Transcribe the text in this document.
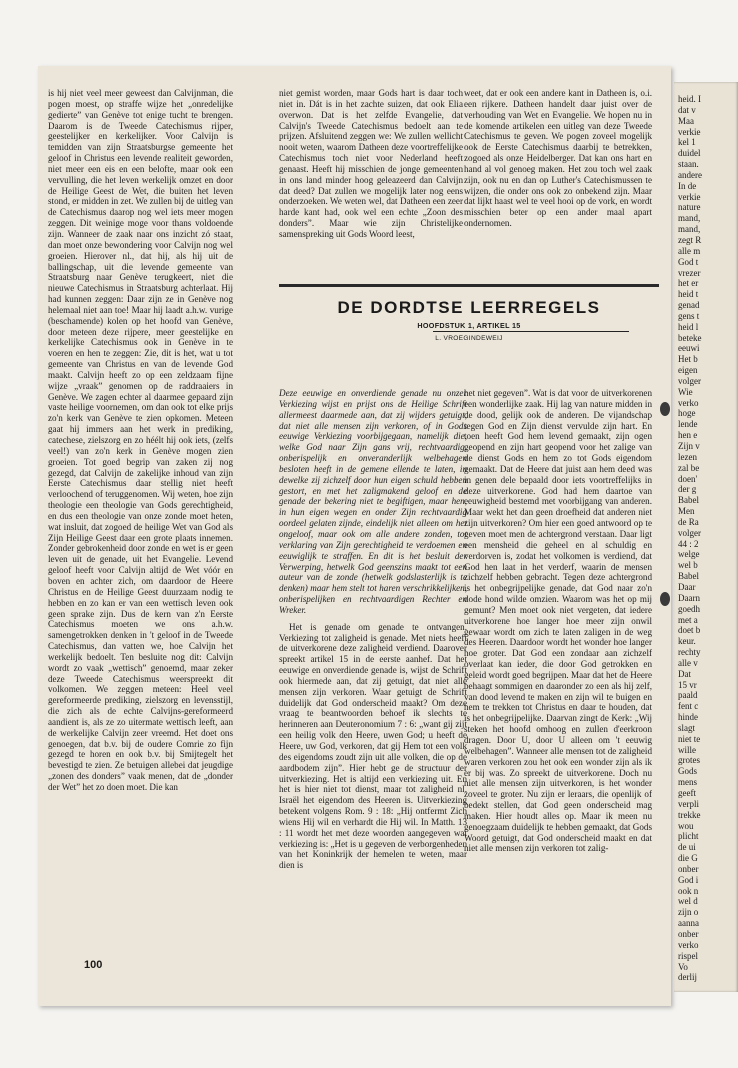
is hij niet veel meer geweest dan Calvijnman, die pogen moest, op straffe wijze het „onredelijke gedierte” van Genève tot enige tucht te brengen. Daarom is de Tweede Catechismus rijper, geestelijker en kerkelijker. Voor Calvijn is temidden van zijn Straatsburgse gemeente het geloof in Christus een levende realiteit geworden, niet meer een eis en een belofte, maar ook een vervulling, die het leven werkelijk omzet en door de Heilige Geest de Wet, die buiten het leven stond, er midden in zet. We zullen bij de uitleg van de Catechismus daarop nog wel iets meer mogen zeggen. Dit weinige moge voor thans voldoende zijn. Wanneer de zaak naar ons inzicht zó staat, dan moet onze bewondering voor Calvijn nog wel groeien. Hierover nl., dat hij, als hij uit de ballingschap, uit die levende gemeente van Straatsburg naar Genève terugkeert, niet die nieuwe Catechismus in Straatsburg achterlaat. Hij had kunnen zeggen: Daar zijn ze in Genève nog helemaal niet aan toe! Maar hij laadt a.h.w. vurige (beschamende) kolen op het hoofd van Genève, door meteen deze rijpere, meer geestelijke en kerkelijke Catechismus ook in Genève in te voeren en hen te zeggen: Zie, dit is het, wat u tot gemeente van Christus en van de levende God maakt. Calvijn heeft zo op een zeldzaam fijne wijze „vraak” genomen op de raddraaiers in Genève. We zagen echter al daarmee gepaard zijn vaste heilige voornemen, om dan ook tot elke prijs zo'n kerk van Genève te zien opkomen. Meteen gaat hij immers aan het werk in prediking, catechese, zielszorg en zo héélt hij ook iets, (zelfs veel!) van zo'n kerk in Genève mogen zien groeien. Tot goed begrip van zaken zij nog gezegd, dat Calvijn de zakelijke inhoud van zijn Eerste Catechismus daar stellig niet heeft verloochend of teruggenomen. Wij weten, hoe zijn theologie een theologie van Gods gerechtigheid, en dus een theologie van onze zonde moet heten, wat insluit, dat zogoed de heilige Wet van God als Zijn Heilige Geest daar een grote plaats innemen. Zonder gebrokenheid door zonde en wet is er geen leven uit de genade, uit het Evangelie. Levend geloof heeft voor Calvijn altijd de Wet vóór en boven en achter zich, om daardoor de Heere Christus en de Heilige Geest duurzaam nodig te hebben en zo kan er van een wettisch leven ook geen sprake zijn. Dus de kern van z'n Eerste Catechismus moeten we ons a.h.w. samengetrokken denken in 't geloof in de Tweede Catechismus, dan vatten we, hoe Calvijn het werkelijk bedoelt. Ten besluite nog dit: Calvijn wordt zo vaak „wettisch” genoemd, maar zeker deze Tweede Catechismus weerspreekt dit volkomen. We zeggen meteen: Heel veel gereformeerde prediking, zielszorg en levensstijl, die zich als de echte Calvijns-gereformeerd aandient is, als ze zo uitermate wettisch leeft, aan de werkelijke Calvijn zeer vreemd. Het doet ons genoegen, dat b.v. bij de oudere Comrie zo fijn gezegd te horen en ook b.v. bij Smijtegelt het bevestigd te zien. Ze betuigen allebei dat jeugdige „zonen des donders” vaak menen, dat de „donder der Wet” het zo doen moet. Die kan

niet gemist worden, maar Gods hart is daar toch niet in. Dát is in het zachte suizen, dat ook Elia overwon. Dat is het zelfde Evangelie, dat Calvijn's Tweede Catechismus bedoelt aan te prijzen. Afsluitend zeggen we: We zullen wellicht nooit weten, waarom Datheen deze voortreffelijke Catechismus toch niet voor Nederland heeft genaast. Heeft hij misschien de jonge gemeenten in ons land minder hoog geleazeerd dan Calvijn dat deed? Dat zullen we mogelijk later nog eens onderzoeken. We weten wel, dat Datheen een zeer harde kant had, ook wel een echte „Zoon des donders”. Maar wie zijn Christelijke samenspreking uit Gods Woord leest,

weet, dat er ook een andere kant in Datheen is, o.i. een rijkere. Datheen handelt daar juist over de verhouding van Wet en Evangelie. We hopen nu in de komende artikelen een uitleg van deze Tweede Catechismus te geven. We pogen zoveel mogelijk ook de Eerste Catechismus daarbij te betrekken, zogoed als onze Heidelberger. Dat kan ons hart en hand al vol genoeg maken. Het zou toch wel zaak zijn, ook nu en dan op Luther's Catechismussen te wijzen, die onder ons ook zo onbekend zijn. Maar dat lijkt haast wel te veel hooi op de vork, en wordt misschien beter op een ander maal apart ondernomen.

DE DORDTSE LEERREGELS
HOOFDSTUK 1, ARTIKEL 15
L. VROEGINDEWEIJ

Deze eeuwige en onverdiende genade nu onzer Verkiezing wijst en prijst ons de Heilige Schrift allermeest daarmede aan, dat zij wijders getuigt, dat niet alle mensen zijn verkoren, of in Gods eeuwige Verkiezing voorbijgegaan, namelijk die, welke God naar Zijn gans vrij, rechtvaardig, onberispelijk en onveranderlijk welbehagen besloten heeft in de gemene ellende te laten, in dewelke zij zichzelf door hun eigen schuld hebben gestort, en met het zaligmakend geloof en de genade der bekering niet te begiftigen, maar hen, in hun eigen wegen en onder Zijn rechtvaardig oordeel gelaten zijnde, eindelijk niet alleen om het ongeloof, maar ook om alle andere zonden, tot verklaring van Zijn gerechtigheid te verdoemen en eeuwiglijk te straffen. En dit is het besluit der Verwerping, hetwelk God geenszins maakt tot een auteur van de zonde (hetwelk godslasterlijk is te denken) maar hem stelt tot haren verschrikkelijken, onberispelijken en rechtvaardigen Rechter en Wreker.

Het is genade om genade te ontvangen. Verkiezing tot zaligheid is genade. Met niets heeft de uitverkorene deze zaligheid verdiend. Daarover spreekt artikel 15 in de eerste aanhef. Dat het eeuwige en onverdiende genade is, wijst de Schrift ook hiermede aan, dat zij getuigt, dat niet alle mensen zijn verkoren. Waar getuigt de Schrift duidelijk dat God onderscheid maakt? Om deze vraag te beantwoorden behoef ik slechts te herinneren aan Deuteronomium 7 : 6: „want gij zijt een heilig volk den Heere, uwen God; u heeft de Heere, uw God, verkoren, dat gij Hem tot een volk des eigendoms zoudt zijn uit alle volken, die op de aardbodem zijn”. Hier hebt ge de structuur der uitverkiezing. Het is altijd een verkiezing uit. En het is hier niet tot dienst, maar tot zaligheid nl. Israël het eigendom des Heeren is. Uitverkiezing betekent volgens Rom. 9 : 18: „Hij ontfermt Zich wiens Hij wil en verhardt die Hij wil. In Matth. 13 : 11 wordt het met deze woorden aangegeven wat verkiezing is: „Het is u gegeven de verborgenheden van het Koninkrijk der hemelen te weten, maar dien is

het niet gegeven”. Wat is dat voor de uitverkorenen een wonderlijke zaak. Hij lag van nature midden in de dood, gelijk ook de anderen. De vijandschap tegen God en Zijn dienst vervulde zijn hart. En toen heeft God hem levend gemaakt, zijn ogen geopend en zijn hart geopend voor het zalige van de dienst Gods en hem zo tot Gods eigendom gemaakt. Dat de Heere dat juist aan hem deed was in genen dele bepaald door iets voortreffelijks in deze uitverkorene. God had hem daartoe van eeuwigheid bestemd met voorbijgang van anderen. Maar wekt het dan geen droefheid dat anderen niet zijn uitverkoren? Om hier een goed antwoord op te geven moet men de achtergrond verstaan. Daar ligt een mensheid die geheel en al schuldig en verdorven is, zodat het volkomen is verdiend, dat God hen laat in het verderf, waarin de mensen zichzelf hebben gebracht. Tegen deze achtergrond is het onbegrijpelijke genade, dat God naar zo'n dode hond wilde omzien. Waarom was het op mij gemunt? Men moet ook niet vergeten, dat iedere uitverkorene hoe langer hoe meer zijn onwil gewaar wordt om zich te laten zaligen in de weg des Heeren. Daardoor wordt het wonder hoe langer hoe groter. Dat God een zondaar aan zichzelf overlaat kan ieder, die door God getrokken en geleid wordt goed begrijpen. Maar dat het de Heere behaagt sommigen en daaronder zo een als hij zelf, van dood levend te maken en zijn wil te buigen en hem te trekken tot Christus en daar te houden, dat is het onbegrijpelijke. Daarvan zingt de Kerk: „Wij steken het hoofd omhoog en zullen d'eerkroon dragen. Door U, door U alleen om 't eeuwig welbehagen”. Wanneer alle mensen tot de zaligheid waren verkoren zou het ook een wonder zijn als ik er bij was. Zo spreekt de uitverkorene. Doch nu niet alle mensen zijn uitverkoren, is het wonder zoveel te groter. Nu zijn er leraars, die openlijk of bedekt stellen, dat God geen onderscheid mag maken. Hier houdt alles op. Maar ik meen nu genoegzaam duidelijk te hebben gemaakt, dat Gods Woord getuigt, dat God onderscheid maakt en dat niet alle mensen zijn verkoren tot zalig-

100
heid. I
dat v
Maa
verkie
kel 1
duidel
staan.
andere
In de
verkie
nature
mand,
mand,
zegt R
alle m
God t
vrezer
het er
heid t
genad
gens t
heid l
beteke
eeuwi
Het b
eigen
volger
Wie
verko
hoge
lende
hen e
Zijn v
lezen
zal be
doen'
der g
Babel
Men
de Ra
volger
44 : 2
welge
wel b
Babel
Daar
Daarn
goedh
met a
doet b
keur.
rechty
alle v
Dat
15 vr
paald
fent c
hinde
slagt
niet te
wille
grotes
Gods
mens
geeft
verpli
trekke
wou
plicht
de ui
die G
onber
God i
ook n
wel d
zijn o
aanna
onber
verko
rispel
Vo
derlij
